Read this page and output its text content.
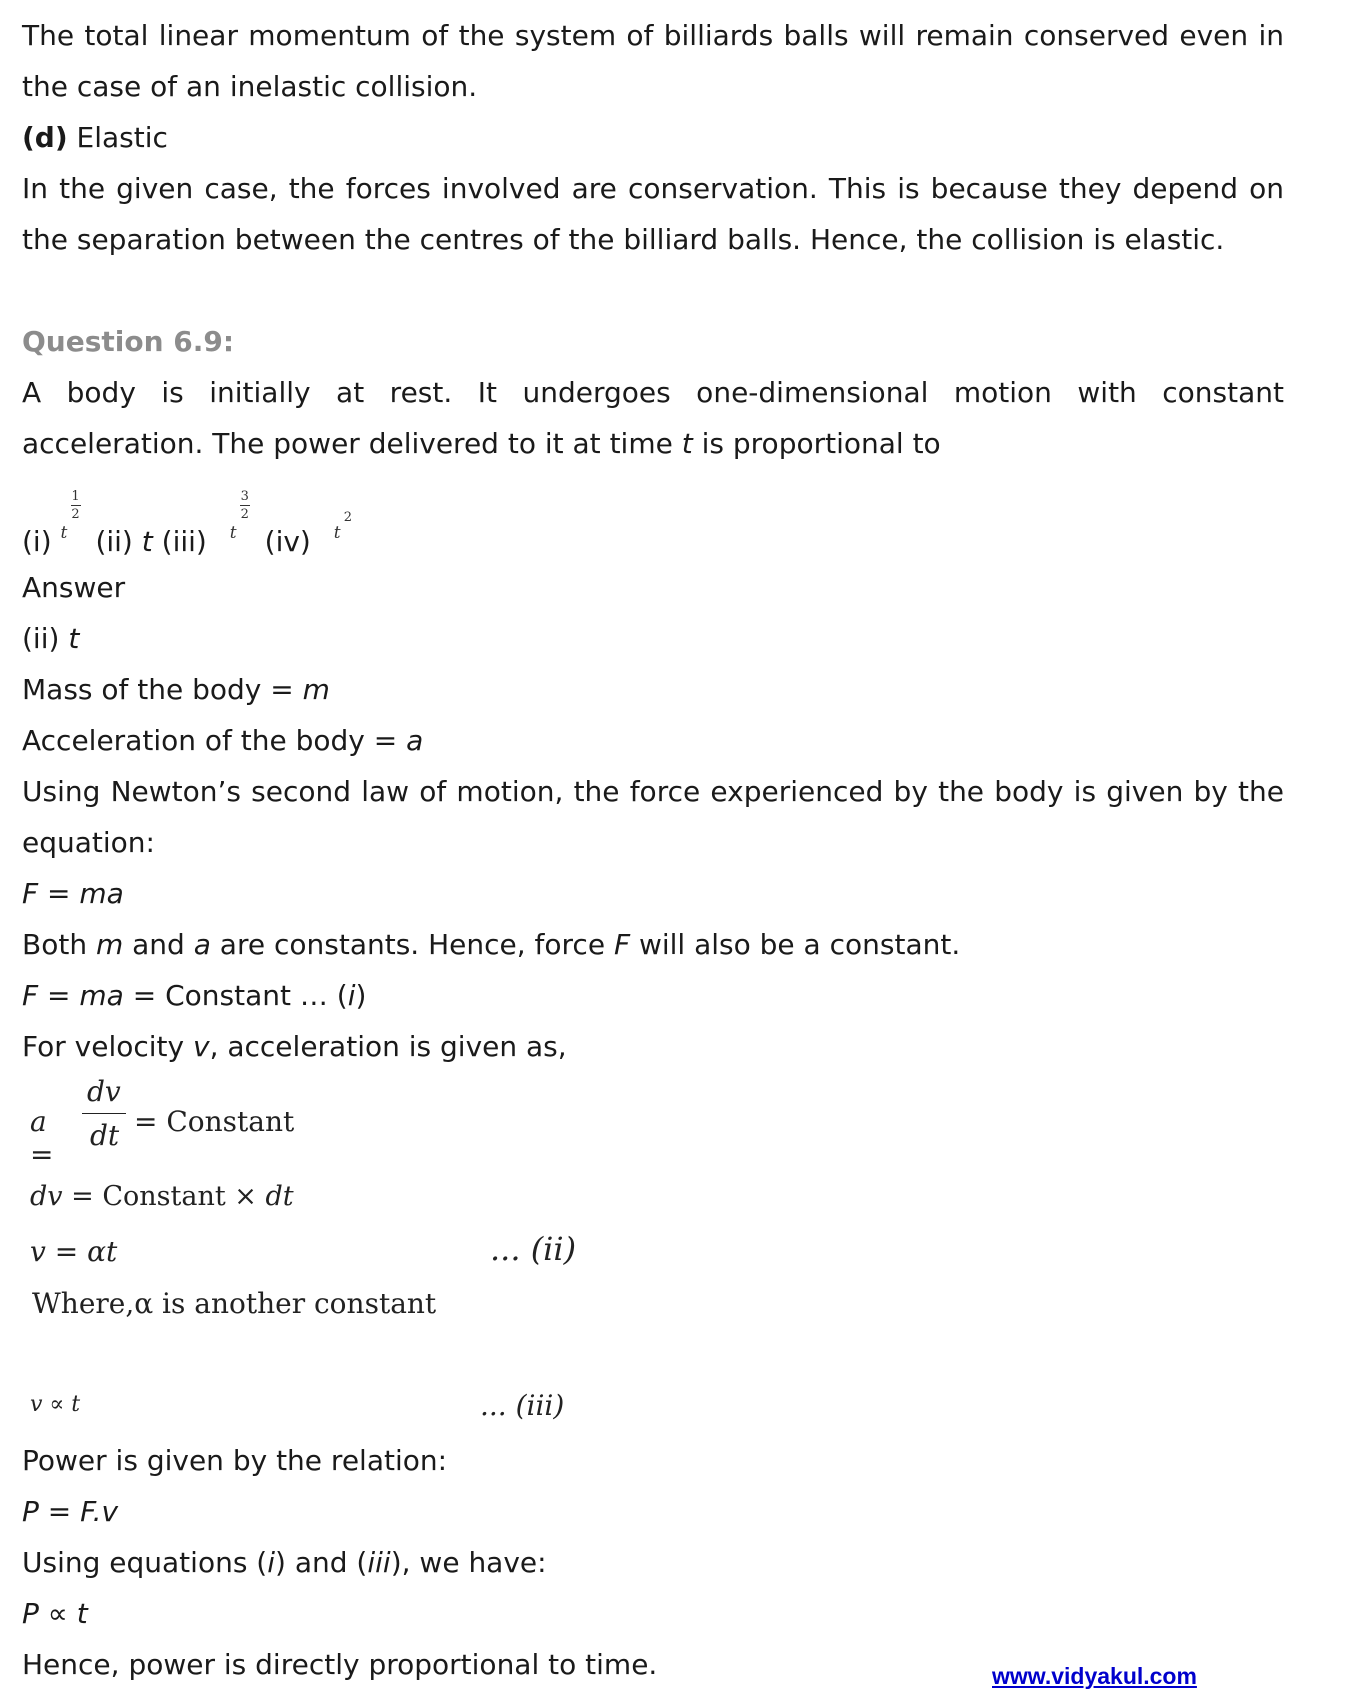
The total linear momentum of the system of billiards balls will remain conserved even in
the case of an inelastic collision.
(d) Elastic
In the given case, the forces involved are conservation. This is because they depend on
the separation between the centres of the billiard balls. Hence, the collision is elastic.
Question 6.9:
A body is initially at rest. It undergoes one-dimensional motion with constant
acceleration. The power delivered to it at time t is proportional to
(i) t
1
2
(ii) t (iii) t
3
2
(iv) t
2
Answer
(ii) t
Mass of the body = m
Acceleration of the body = a
Using Newton’s second law of motion, the force experienced by the body is given by the
equation:
F = ma
Both m and a are constants. Hence, force F will also be a constant.
F = ma = Constant … (i)
For velocity v, acceleration is given as,
a =
dv
dt = Constant
dv = Constant × dt
v = αt	... (ii)
Where,α is another constant
v ∝ t	... (iii)
Power is given by the relation:
P = F.v
Using equations (i) and (iii), we have:
P ∝ t
Hence, power is directly proportional to time.	www.vidyakul.com
